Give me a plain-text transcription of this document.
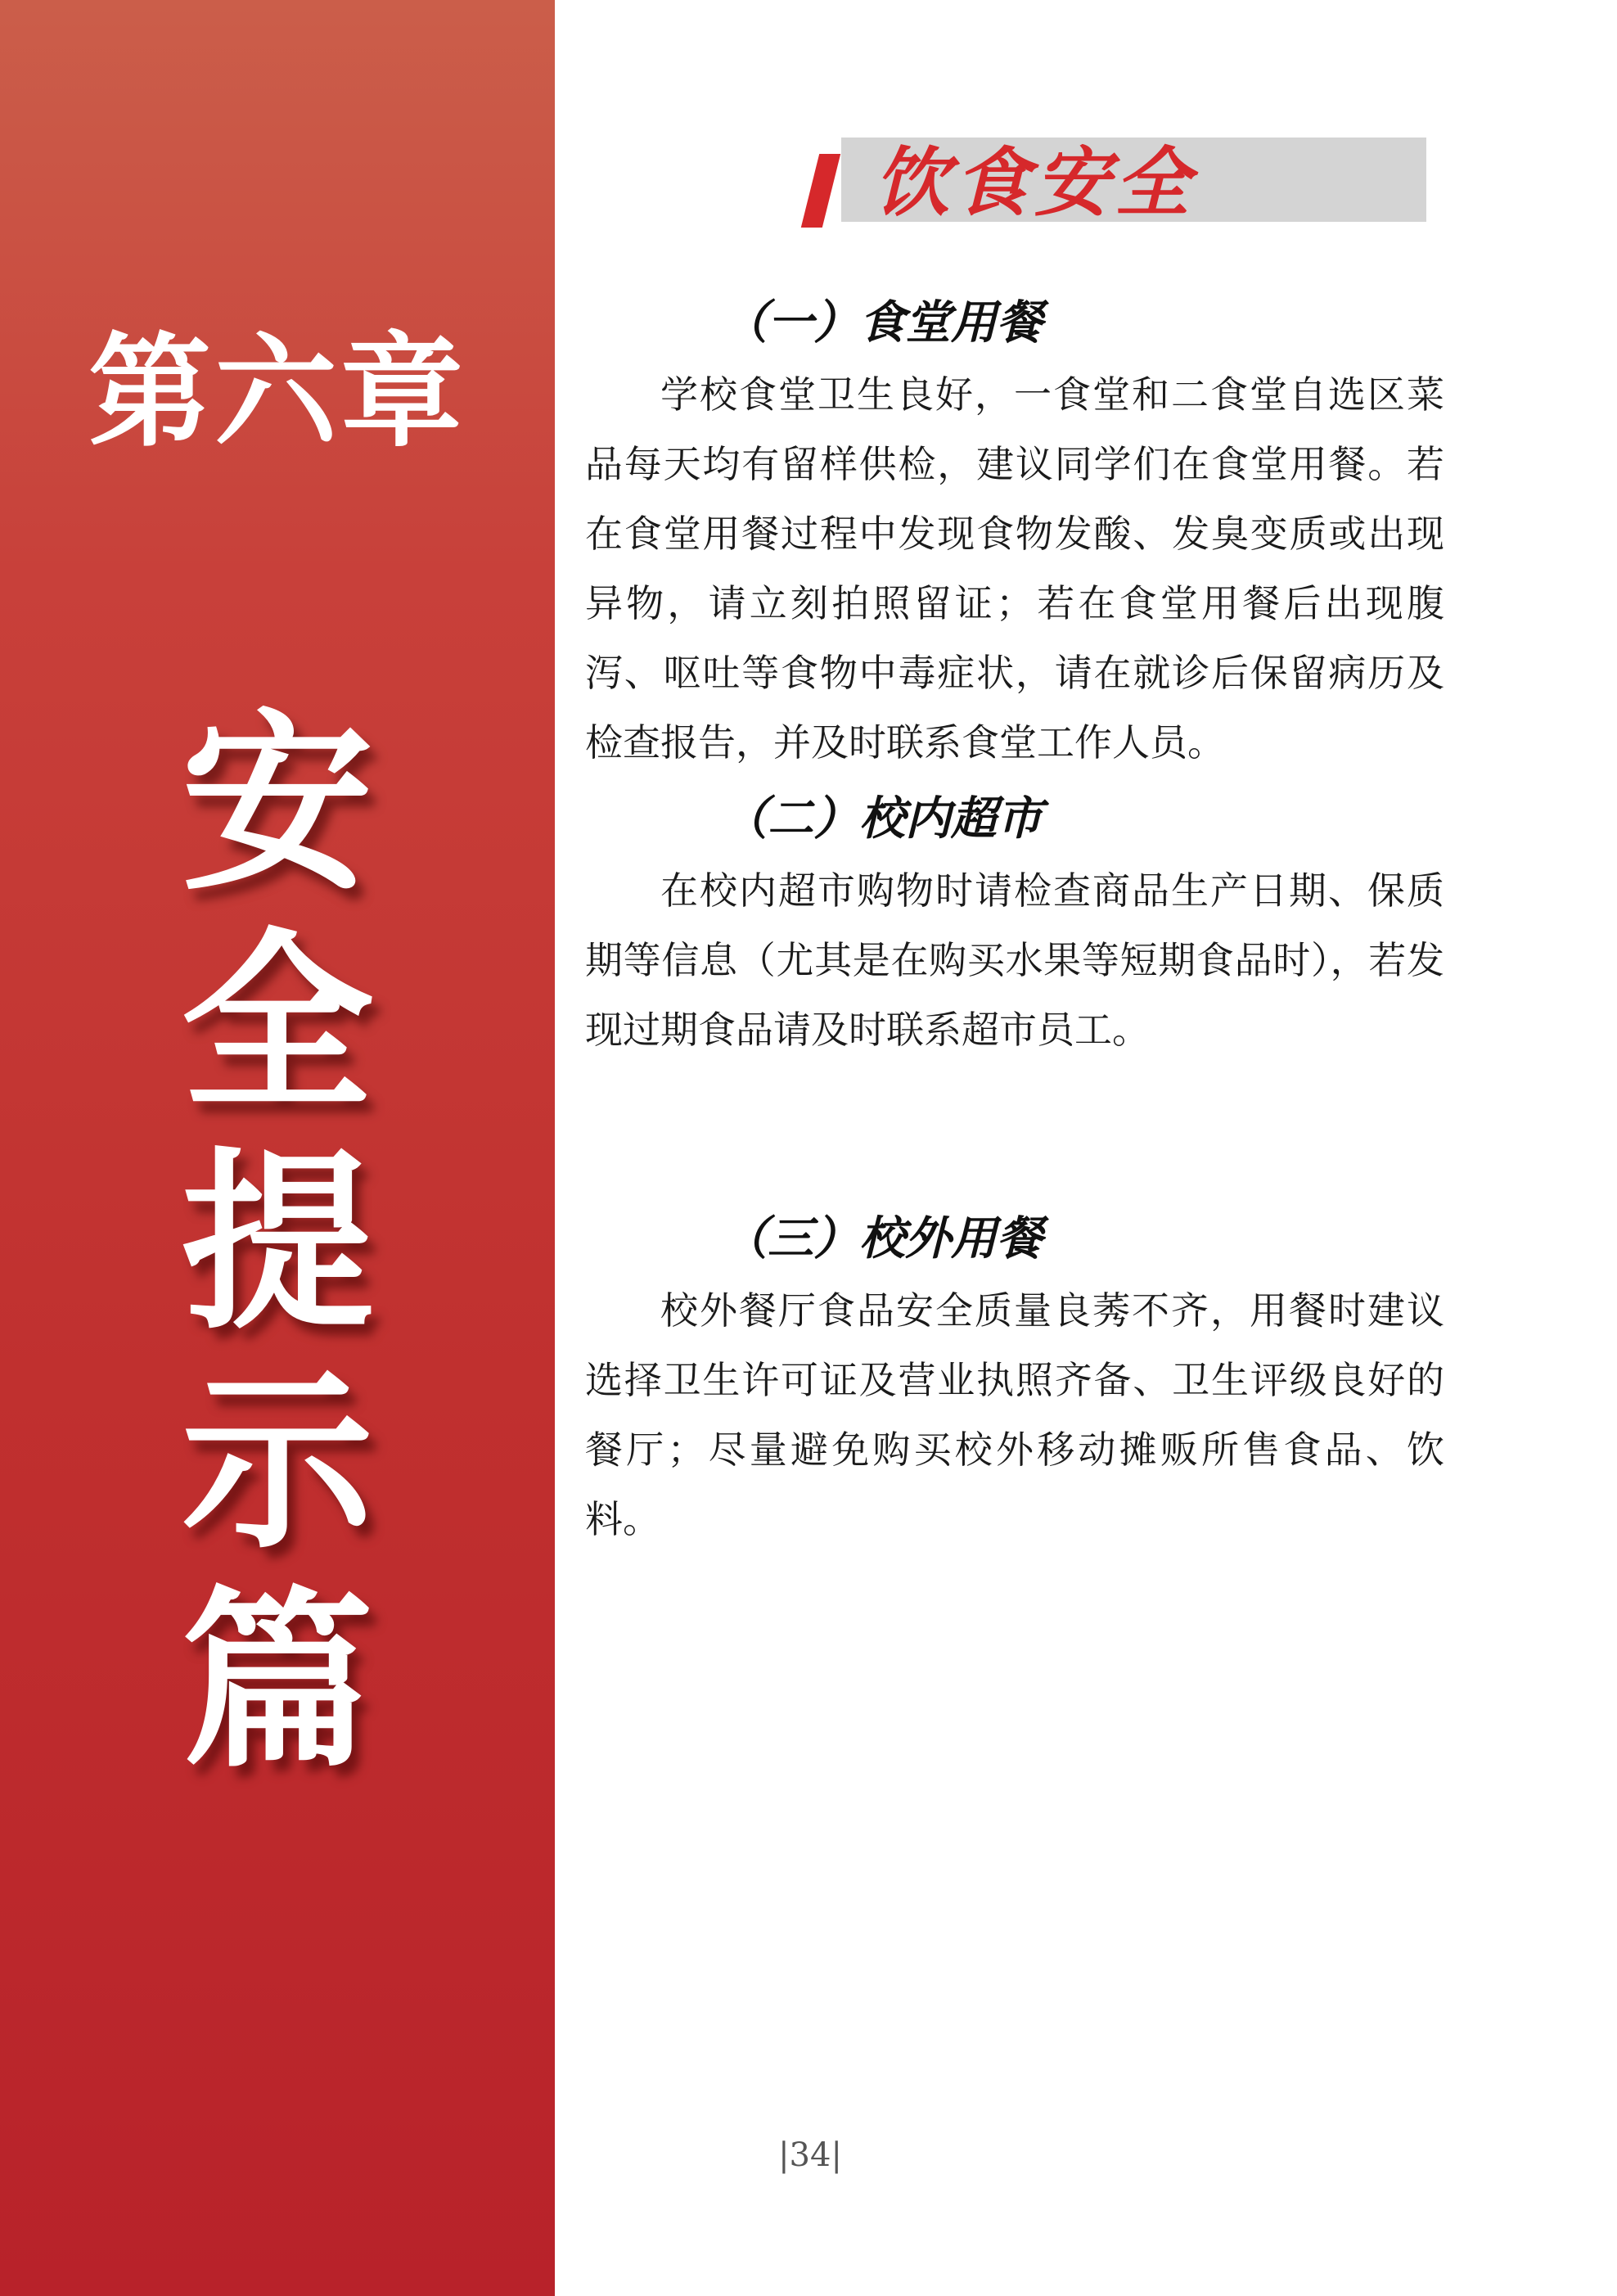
第六章
安
全
提
示
篇
饮食安全
（一）食堂用餐

学校食堂卫生良好，一食堂和二食堂自选区菜品每天均有留样供检，建议同学们在食堂用餐。若在食堂用餐过程中发现食物发酸、发臭变质或出现异物，请立刻拍照留证；若在食堂用餐后出现腹泻、呕吐等食物中毒症状，请在就诊后保留病历及检查报告，并及时联系食堂工作人员。

（二）校内超市

在校内超市购物时请检查商品生产日期、保质期等信息（尤其是在购买水果等短期食品时），若发现过期食品请及时联系超市员工。

（三）校外用餐

校外餐厅食品安全质量良莠不齐，用餐时建议选择卫生许可证及营业执照齐备、卫生评级良好的餐厅；尽量避免购买校外移动摊贩所售食品、饮料。

|34|
